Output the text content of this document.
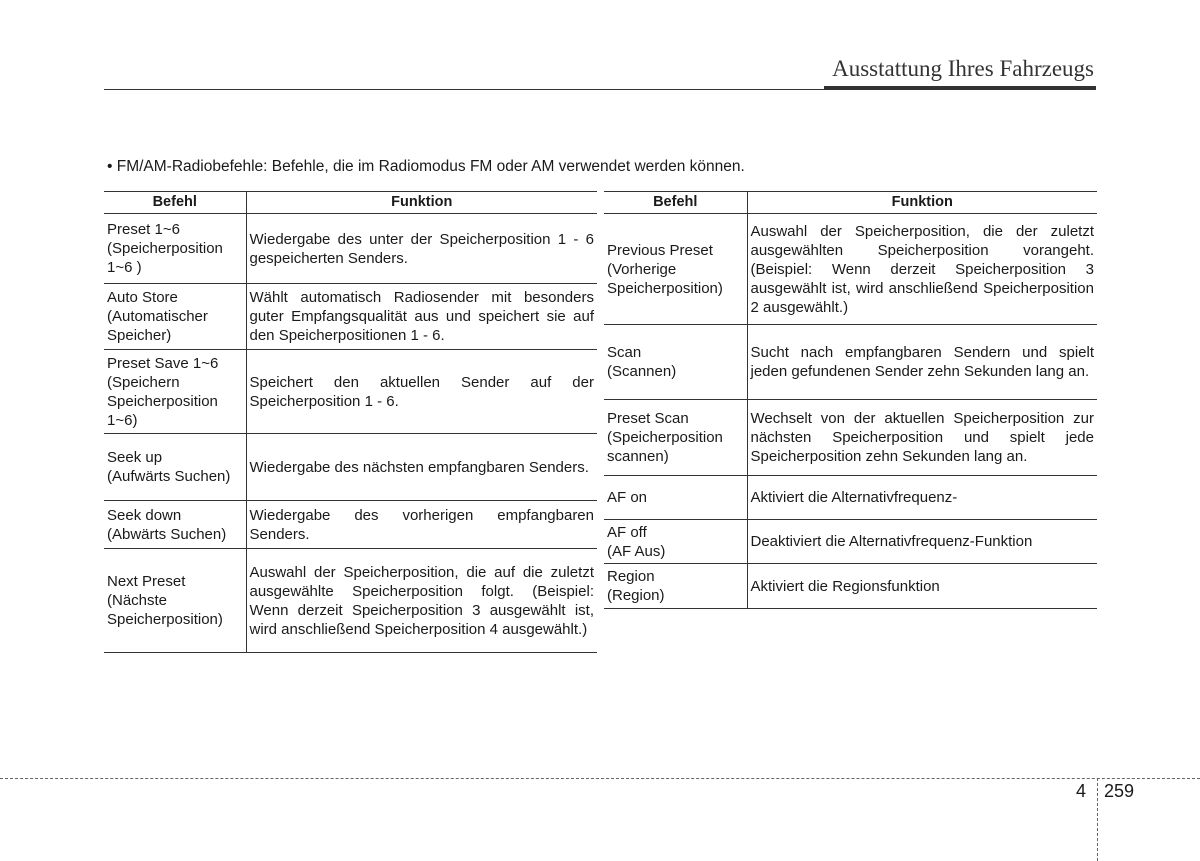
Ausstattung Ihres Fahrzeugs
• FM/AM-Radiobefehle: Befehle, die im Radiomodus FM oder AM verwendet werden können.
Befehl	Funktion

Preset 1~6
(Speicherposition
1~6 )	Wiedergabe des unter der Speicherposition 1 - 6 gespeicherten Senders.

Auto Store
(Automatischer
Speicher)	Wählt automatisch Radiosender mit besonders guter Empfangsqualität aus und speichert sie auf den Speicherpositionen 1 - 6.

Preset Save 1~6
(Speichern
Speicherposition
1~6)	Speichert den aktuellen Sender auf der Speicherposition 1 - 6.

Seek up
(Aufwärts Suchen)	Wiedergabe des nächsten empfangbaren Senders.

Seek down
(Abwärts Suchen)	Wiedergabe des vorherigen empfangbaren Senders.

Next Preset
(Nächste
Speicherposition)	Auswahl der Speicherposition, die auf die zuletzt ausgewählte Speicherposition folgt. (Beispiel: Wenn derzeit Speicherposition 3 ausgewählt ist, wird anschließend Speicherposition 4 ausgewählt.)
Befehl	Funktion

Previous Preset
(Vorherige
Speicherposition)	Auswahl der Speicherposition, die der zuletzt ausgewählten Speicherposition vorangeht. (Beispiel: Wenn derzeit Speicherposition 3 ausgewählt ist, wird anschließend Speicherposition 2 ausgewählt.)

Scan
(Scannen)	Sucht nach empfangbaren Sendern und spielt jeden gefundenen Sender zehn Sekunden lang an.

Preset Scan
(Speicherposition
scannen)	Wechselt von der aktuellen Speicherposition zur nächsten Speicherposition und spielt jede Speicherposition zehn Sekunden lang an.

AF on	Aktiviert die Alternativfrequenz-

AF off
(AF Aus)	Deaktiviert die Alternativfrequenz-Funktion

Region
(Region)	Aktiviert die Regionsfunktion
4 259
